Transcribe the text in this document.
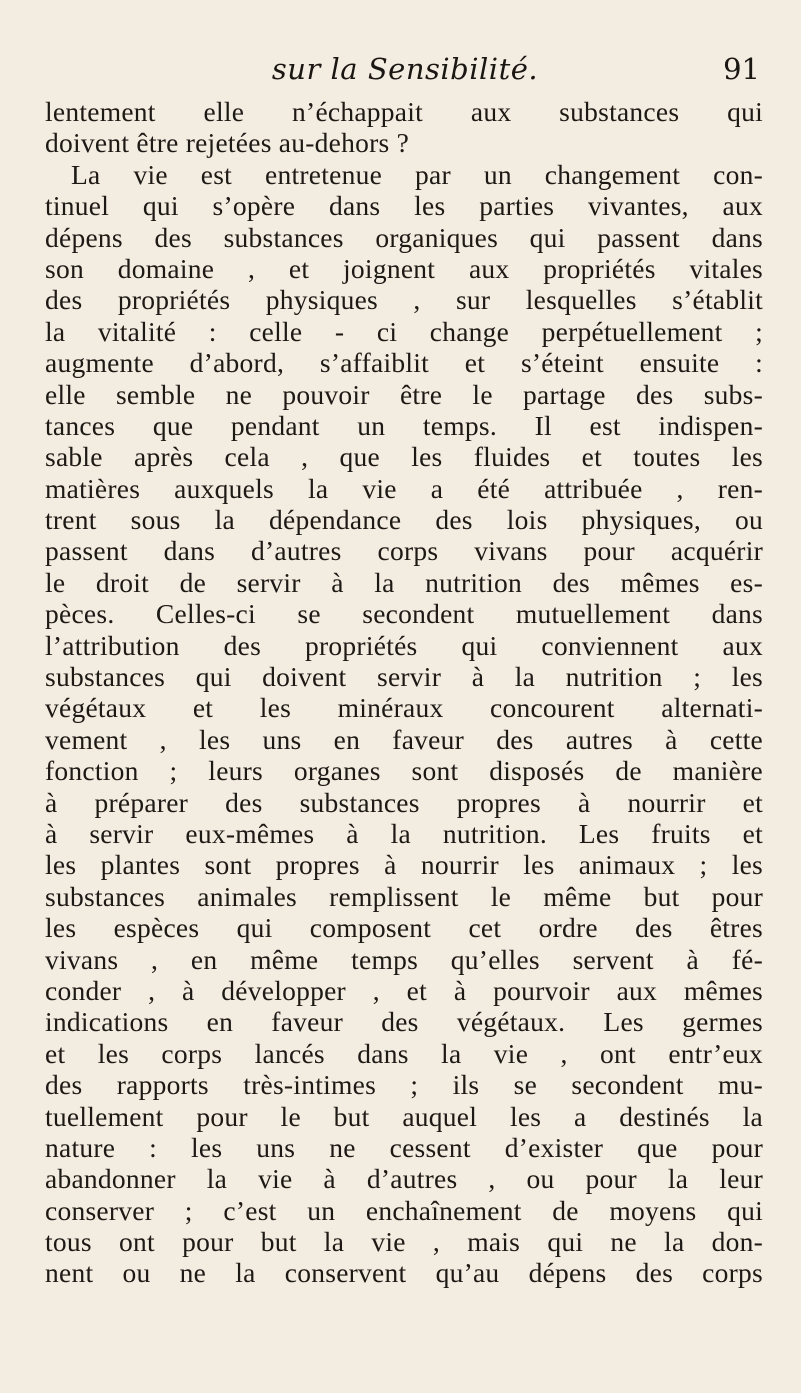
sur la Sensibilité.	91
lentement elle n’échappait aux substances qui
doivent être rejetées au-dehors ?
La vie est entretenue par un changement con-
tinuel qui s’opère dans les parties vivantes, aux
dépens des substances organiques qui passent dans
son domaine , et joignent aux propriétés vitales
des propriétés physiques , sur lesquelles s’établit
la vitalité : celle - ci change perpétuellement ;
augmente d’abord, s’affaiblit et s’éteint ensuite :
elle semble ne pouvoir être le partage des subs-
tances que pendant un temps. Il est indispen-
sable après cela , que les fluides et toutes les
matières auxquels la vie a été attribuée , ren-
trent sous la dépendance des lois physiques, ou
passent dans d’autres corps vivans pour acquérir
le droit de servir à la nutrition des mêmes es-
pèces. Celles-ci se secondent mutuellement dans
l’attribution des propriétés qui conviennent aux
substances qui doivent servir à la nutrition ; les
végétaux et les minéraux concourent alternati-
vement , les uns en faveur des autres à cette
fonction ; leurs organes sont disposés de manière
à préparer des substances propres à nourrir et
à servir eux-mêmes à la nutrition. Les fruits et
les plantes sont propres à nourrir les animaux ; les
substances animales remplissent le même but pour
les espèces qui composent cet ordre des êtres
vivans , en même temps qu’elles servent à fé-
conder , à développer , et à pourvoir aux mêmes
indications en faveur des végétaux. Les germes
et les corps lancés dans la vie , ont entr’eux
des rapports très-intimes ; ils se secondent mu-
tuellement pour le but auquel les a destinés la
nature : les uns ne cessent d’exister que pour
abandonner la vie à d’autres , ou pour la leur
conserver ; c’est un enchaînement de moyens qui
tous ont pour but la vie , mais qui ne la don-
nent ou ne la conservent qu’au dépens des corps
